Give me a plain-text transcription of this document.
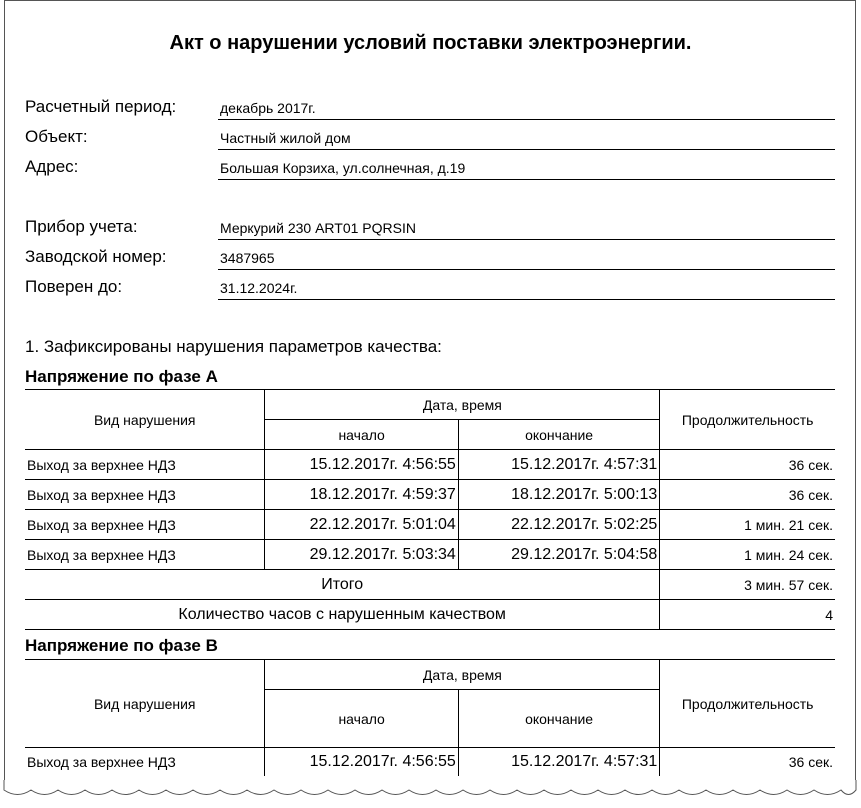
Акт о нарушении условий поставки электроэнергии.
Расчетный период:	декабрь 2017г.
Объект:	Частный жилой дом
Адрес:	Большая Корзиха, ул.солнечная, д.19
Прибор учета:	Меркурий 230 ART01 PQRSIN
Заводской номер:	3487965
Поверен до:	31.12.2024г.
1. Зафиксированы нарушения параметров качества:
Напряжение по фазе А
Вид нарушения	Дата, время		Продолжительность
	начало	окончание	
Выход за верхнее НДЗ	15.12.2017г. 4:56:55	15.12.2017г. 4:57:31	36 сек.
Выход за верхнее НДЗ	18.12.2017г. 4:59:37	18.12.2017г. 5:00:13	36 сек.
Выход за верхнее НДЗ	22.12.2017г. 5:01:04	22.12.2017г. 5:02:25	1 мин. 21 сек.
Выход за верхнее НДЗ	29.12.2017г. 5:03:34	29.12.2017г. 5:04:58	1 мин. 24 сек.
Итого			3 мин. 57 сек.
Количество часов с нарушенным качеством			4
Напряжение по фазе В
Вид нарушения	Дата, время		Продолжительность
	начало	окончание	
Выход за верхнее НДЗ	15.12.2017г. 4:56:55	15.12.2017г. 4:57:31	36 сек.
